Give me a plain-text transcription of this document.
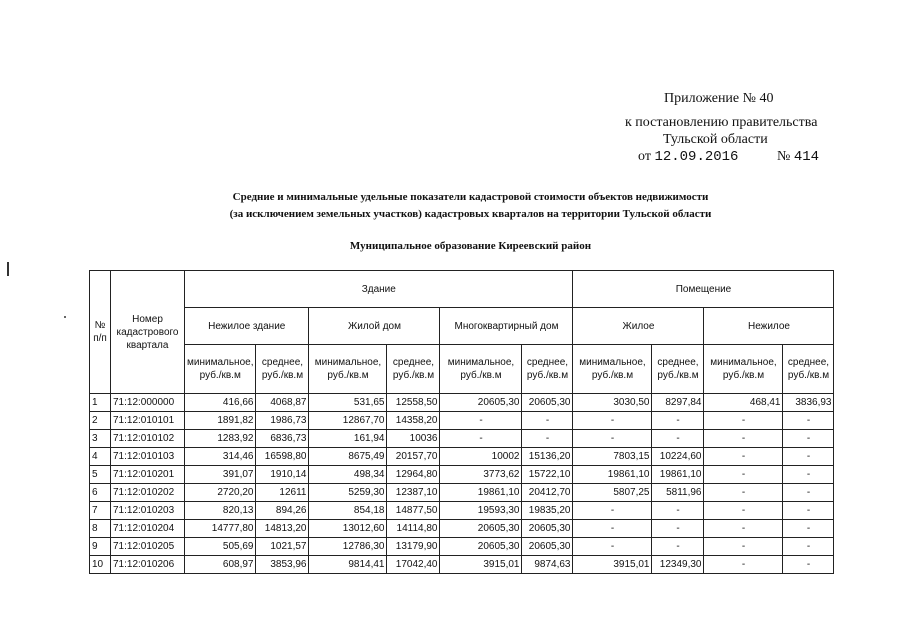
Приложение № 40
к постановлению правительства
Тульской области
от 12.09.2016	№ 414
Средние и минимальные удельные показатели кадастровой стоимости объектов недвижимости
(за исключением земельных участков) кадастровых кварталов на территории Тульской области
Муниципальное образование Киреевский район
№ п/п	Номер кадастрового квартала	Здание						Помещение			
		Нежилое здание		Жилой дом		Многоквартирный дом		Жилое		Нежилое	
		минимальное, руб./кв.м	среднее, руб./кв.м	минимальное, руб./кв.м	среднее, руб./кв.м	минимальное, руб./кв.м	среднее, руб./кв.м	минимальное, руб./кв.м	среднее, руб./кв.м	минимальное, руб./кв.м	среднее, руб./кв.м
1	71:12:000000	416,66	4068,87	531,65	12558,50	20605,30	20605,30	3030,50	8297,84	468,41	3836,93
2	71:12:010101	1891,82	1986,73	12867,70	14358,20	-	-	-	-	-	-
3	71:12:010102	1283,92	6836,73	161,94	10036	-	-	-	-	-	-
4	71:12:010103	314,46	16598,80	8675,49	20157,70	10002	15136,20	7803,15	10224,60	-	-
5	71:12:010201	391,07	1910,14	498,34	12964,80	3773,62	15722,10	19861,10	19861,10	-	-
6	71:12:010202	2720,20	12611	5259,30	12387,10	19861,10	20412,70	5807,25	5811,96	-	-
7	71:12:010203	820,13	894,26	854,18	14877,50	19593,30	19835,20	-	-	-	-
8	71:12:010204	14777,80	14813,20	13012,60	14114,80	20605,30	20605,30	-	-	-	-
9	71:12:010205	505,69	1021,57	12786,30	13179,90	20605,30	20605,30	-	-	-	-
10	71:12:010206	608,97	3853,96	9814,41	17042,40	3915,01	9874,63	3915,01	12349,30	-	-
